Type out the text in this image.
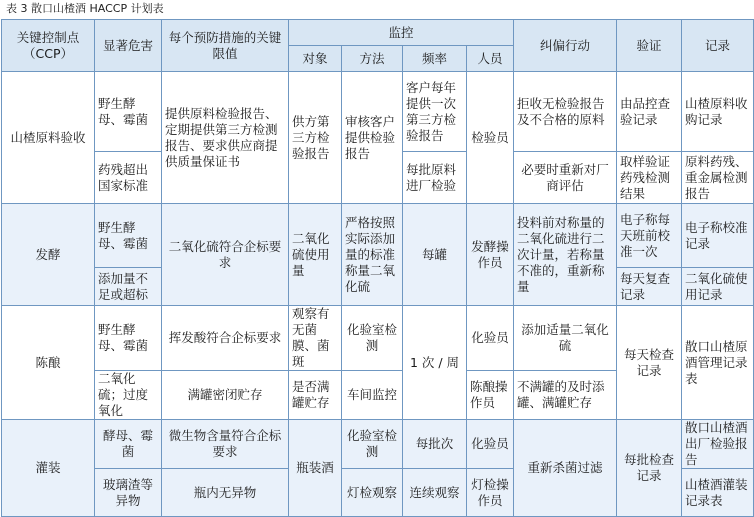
表 3 散口山楂酒 HACCP 计划表
关键控制点（CCP）	显著危害	每个预防措施的关键限值	监控				纠偏行动	验证	记录
			对象	方法	频率	人员			
山楂原料验收	野生酵母、霉菌	提供原料检验报告、定期提供第三方检测报告、要求供应商提供质量保证书	供方第三方检验报告	审核客户提供检验报告	客户每年提供一次第三方检验报告	检验员	拒收无检验报告及不合格的原料	由品控查验记录	山楂原料收购记录
	药残超出国家标准				每批原料进厂检验		必要时重新对厂商评估	取样验证药残检测结果	原料药残、重金属检测报告
发酵	野生酵母、霉菌	二氧化硫符合企标要求	二氧化硫使用量	严格按照实际添加量的标准称量二氧化硫	每罐	发酵操作员	投料前对称量的二氧化硫进行二次计量，若称量不准的，重新称量	电子称每天班前校准一次	电子称校准记录
	添加量不足或超标							每天复查记录	二氧化硫使用记录
陈酿	野生酵母、霉菌	挥发酸符合企标要求	观察有无菌膜、菌斑	化验室检测	1 次 / 周	化验员	添加适量二氧化硫	每天检查记录	散口山楂原酒管理记录表
	二氧化硫；过度氧化	满罐密闭贮存	是否满罐贮存	车间监控		陈酿操作员	不满罐的及时添罐、满罐贮存		
灌装	酵母、霉菌	微生物含量符合企标要求	瓶装酒	化验室检测	每批次	化验员	重新杀菌过滤	每批检查记录	散口山楂酒出厂检验报告
	玻璃渣等异物	瓶内无异物		灯检观察	连续观察	灯检操作员			山楂酒灌装记录表
